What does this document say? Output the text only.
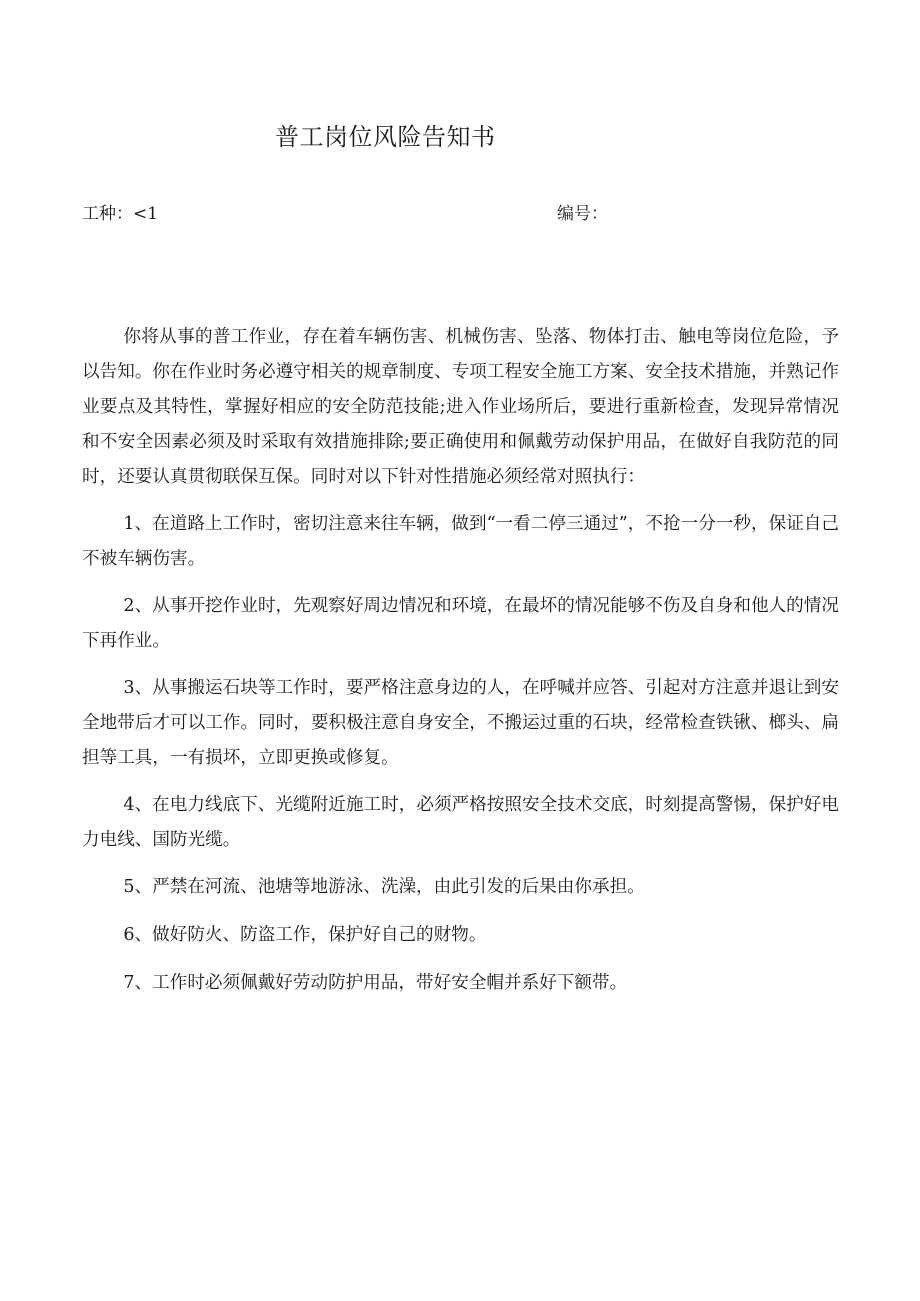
普工岗位风险告知书
工种：<1	编号：

你将从事的普工作业，存在着车辆伤害、机械伤害、坠落、物体打击、触电等岗位危险，予以告知。你在作业时务必遵守相关的规章制度、专项工程安全施工方案、安全技术措施，并熟记作业要点及其特性，掌握好相应的安全防范技能;进入作业场所后，要进行重新检查，发现异常情况和不安全因素必须及时采取有效措施排除;要正确使用和佩戴劳动保护用品，在做好自我防范的同时，还要认真贯彻联保互保。同时对以下针对性措施必须经常对照执行：

1、在道路上工作时，密切注意来往车辆，做到“一看二停三通过”，不抢一分一秒，保证自己不被车辆伤害。

2、从事开挖作业时，先观察好周边情况和环境，在最坏的情况能够不伤及自身和他人的情况下再作业。

3、从事搬运石块等工作时，要严格注意身边的人，在呼喊并应答、引起对方注意并退让到安全地带后才可以工作。同时，要积极注意自身安全，不搬运过重的石块，经常检查铁锹、榔头、扁担等工具，一有损坏，立即更换或修复。

4、在电力线底下、光缆附近施工时，必须严格按照安全技术交底，时刻提高警惕，保护好电力电线、国防光缆。

5、严禁在河流、池塘等地游泳、洗澡，由此引发的后果由你承担。

6、做好防火、防盗工作，保护好自己的财物。

7、工作时必须佩戴好劳动防护用品，带好安全帽并系好下额带。
